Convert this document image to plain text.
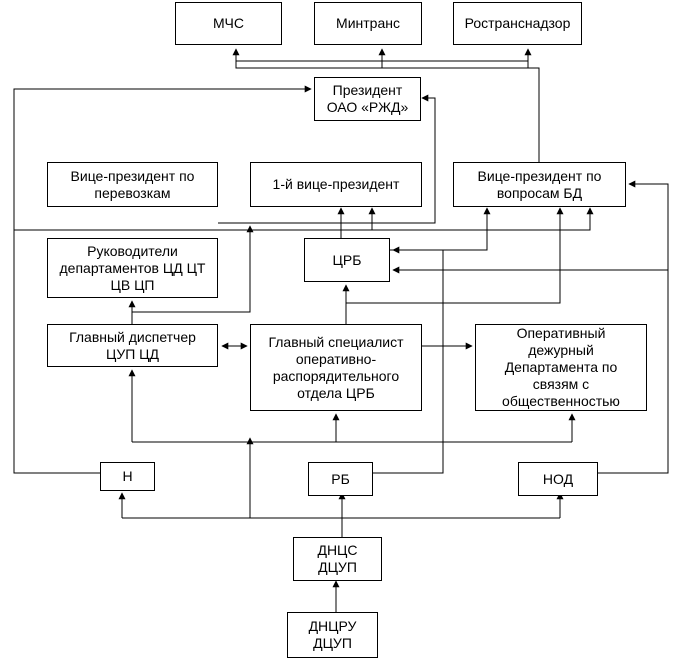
МЧС	Минтранс	Ространснадзор
Президент
ОАО «РЖД»
Вице-президент по
перевозкам
1-й вице-президент
Вице-президент по
вопросам БД
Руководители
департаментов ЦД ЦТ
ЦВ ЦП
ЦРБ
Главный диспетчер
ЦУП ЦД
Главный специалист
оперативно-
распорядительного
отдела ЦРБ
Оперативный
дежурный
Департамента по
связям с
общественностью
Н	РБ	НОД
ДНЦС
ДЦУП
ДНЦРУ
ДЦУП
